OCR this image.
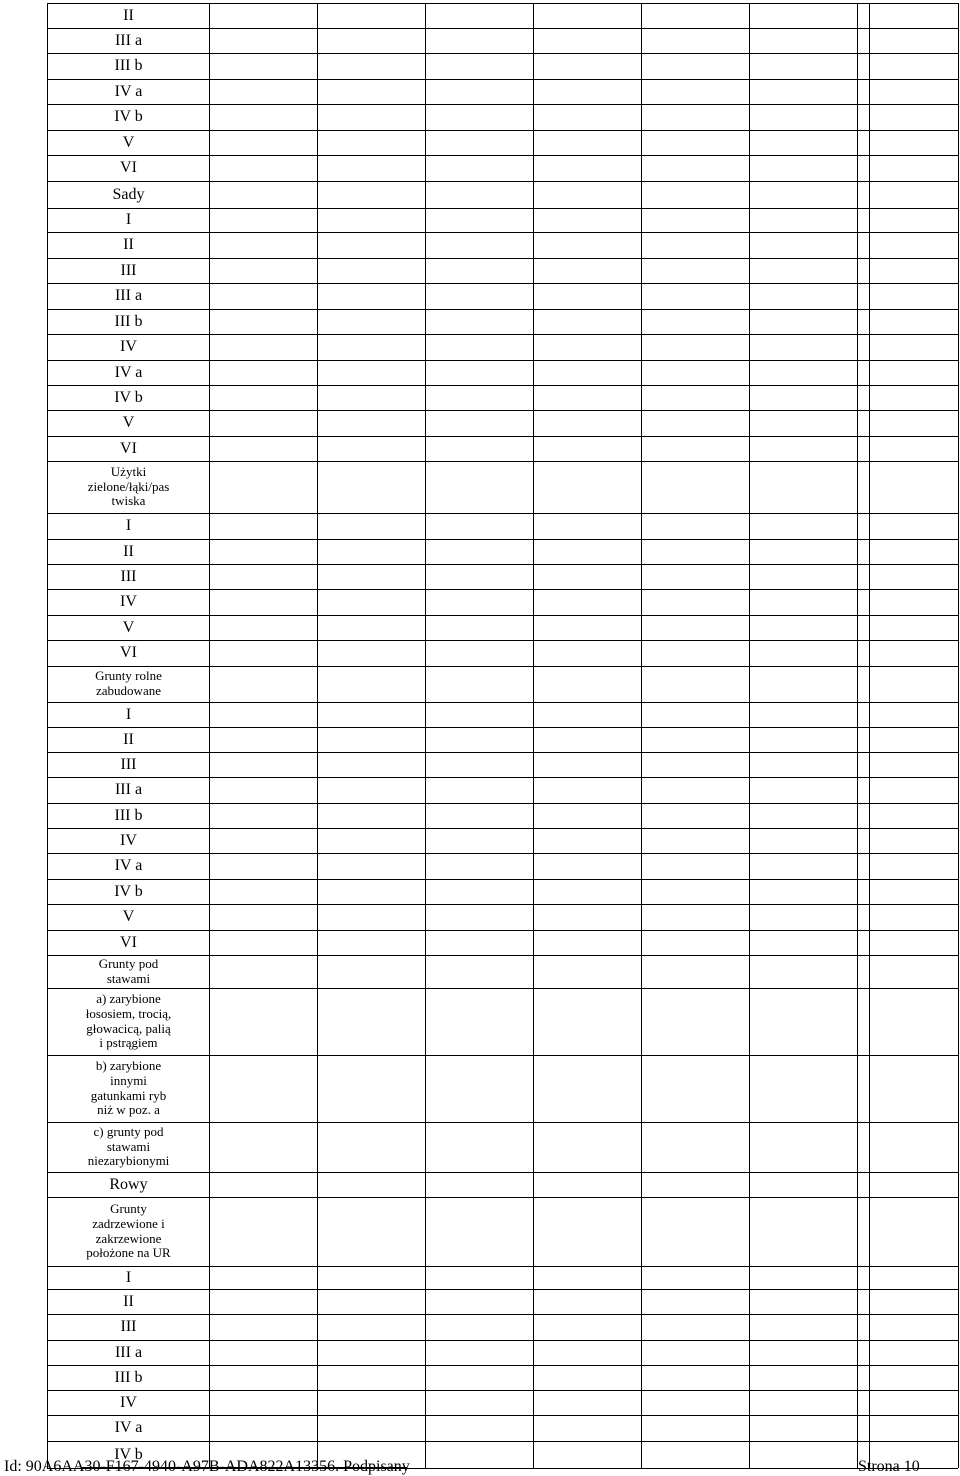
II
III a
III b
IV a
IV b
V
VI
Sady
I
II
III
III a
III b
IV
IV a
IV b
V
VI
Użytki
zielone/łąki/pas
twiska
I
II
III
IV
V
VI
Grunty rolne
zabudowane
I
II
III
III a
III b
IV
IV a
IV b
V
VI
Grunty pod
stawami
a) zarybione
łososiem, trocią,
głowacicą, palią
i pstrągiem
b) zarybione
innymi
gatunkami ryb
niż w poz. a
c) grunty pod
stawami
niezarybionymi
Rowy
Grunty
zadrzewione i
zakrzewione
położone na UR
I
II
III
III a
III b
IV
IV a
IV b
Id: 90A6AA30-F167-4940-A97B-ADA822A13356. Podpisany	Strona 10
